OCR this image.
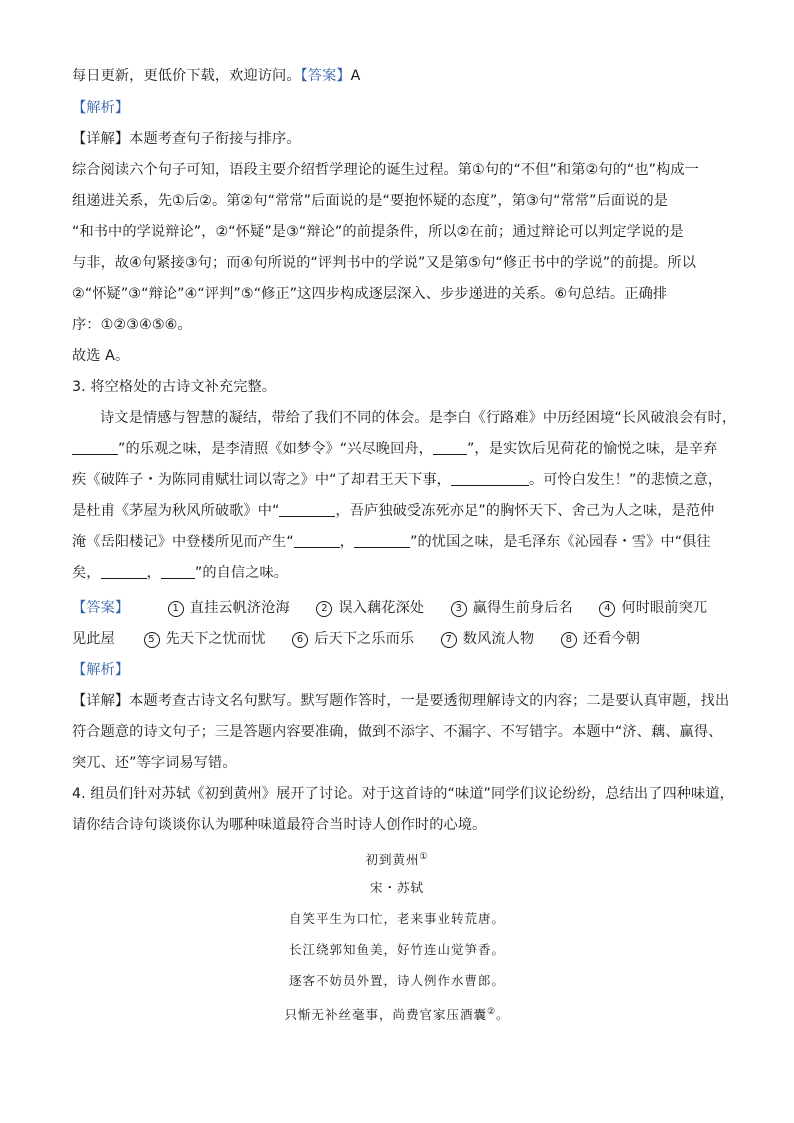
每日更新，更低价下载，欢迎访问。【答案】A
【解析】
【详解】本题考查句子衔接与排序。
综合阅读六个句子可知，语段主要介绍哲学理论的诞生过程。第①句的“不但”和第②句的“也”构成一
组递进关系，先①后②。第②句“常常”后面说的是“要抱怀疑的态度”，第③句“常常”后面说的是
“和书中的学说辩论”，②“怀疑”是③“辩论”的前提条件，所以②在前；通过辩论可以判定学说的是
与非，故④句紧接③句；而④句所说的“评判书中的学说”又是第⑤句“修正书中的学说”的前提。所以
②“怀疑”③“辩论”④“评判”⑤“修正”这四步构成逐层深入、步步递进的关系。⑥句总结。正确排
序：①②③④⑤⑥。
故选 A。
3. 将空格处的古诗文补充完整。
诗文是情感与智慧的凝结，带给了我们不同的体会。是李白《行路难》中历经困境“长风破浪会有时，
”的乐观之味，是李清照《如梦令》“兴尽晚回舟， ”，是实饮后见荷花的愉悦之味，是辛弃
疾《破阵子・为陈同甫赋壮词以寄之》中“了却君王天下事，	。可怜白发生！”的悲愤之意，
是杜甫《茅屋为秋风所破歌》中“	，吾庐独破受冻死亦足”的胸怀天下、舍己为人之味，是范仲
淹《岳阳楼记》中登楼所见而产生“	，	”的忧国之味，是毛泽东《沁园春・雪》中“俱往
矣，	， ”的自信之味。
【答案】	1 直挂云帆济沧海	2 误入藕花深处	3 赢得生前身后名	4 何时眼前突兀
见此屋	5 先天下之忧而忧	6 后天下之乐而乐	7 数风流人物	8 还看今朝
【解析】
【详解】本题考查古诗文名句默写。默写题作答时，一是要透彻理解诗文的内容；二是要认真审题，找出
符合题意的诗文句子；三是答题内容要准确，做到不添字、不漏字、不写错字。本题中“济、藕、赢得、
突兀、还”等字词易写错。
4. 组员们针对苏轼《初到黄州》展开了讨论。对于这首诗的“味道”同学们议论纷纷，总结出了四种味道，
请你结合诗句谈谈你认为哪种味道最符合当时诗人创作时的心境。
初到黄州①
宋・苏轼
自笑平生为口忙，老来事业转荒唐。
长江绕郭知鱼美，好竹连山觉笋香。
逐客不妨员外置，诗人例作水曹郎。
只惭无补丝毫事，尚费官家压酒囊②。
